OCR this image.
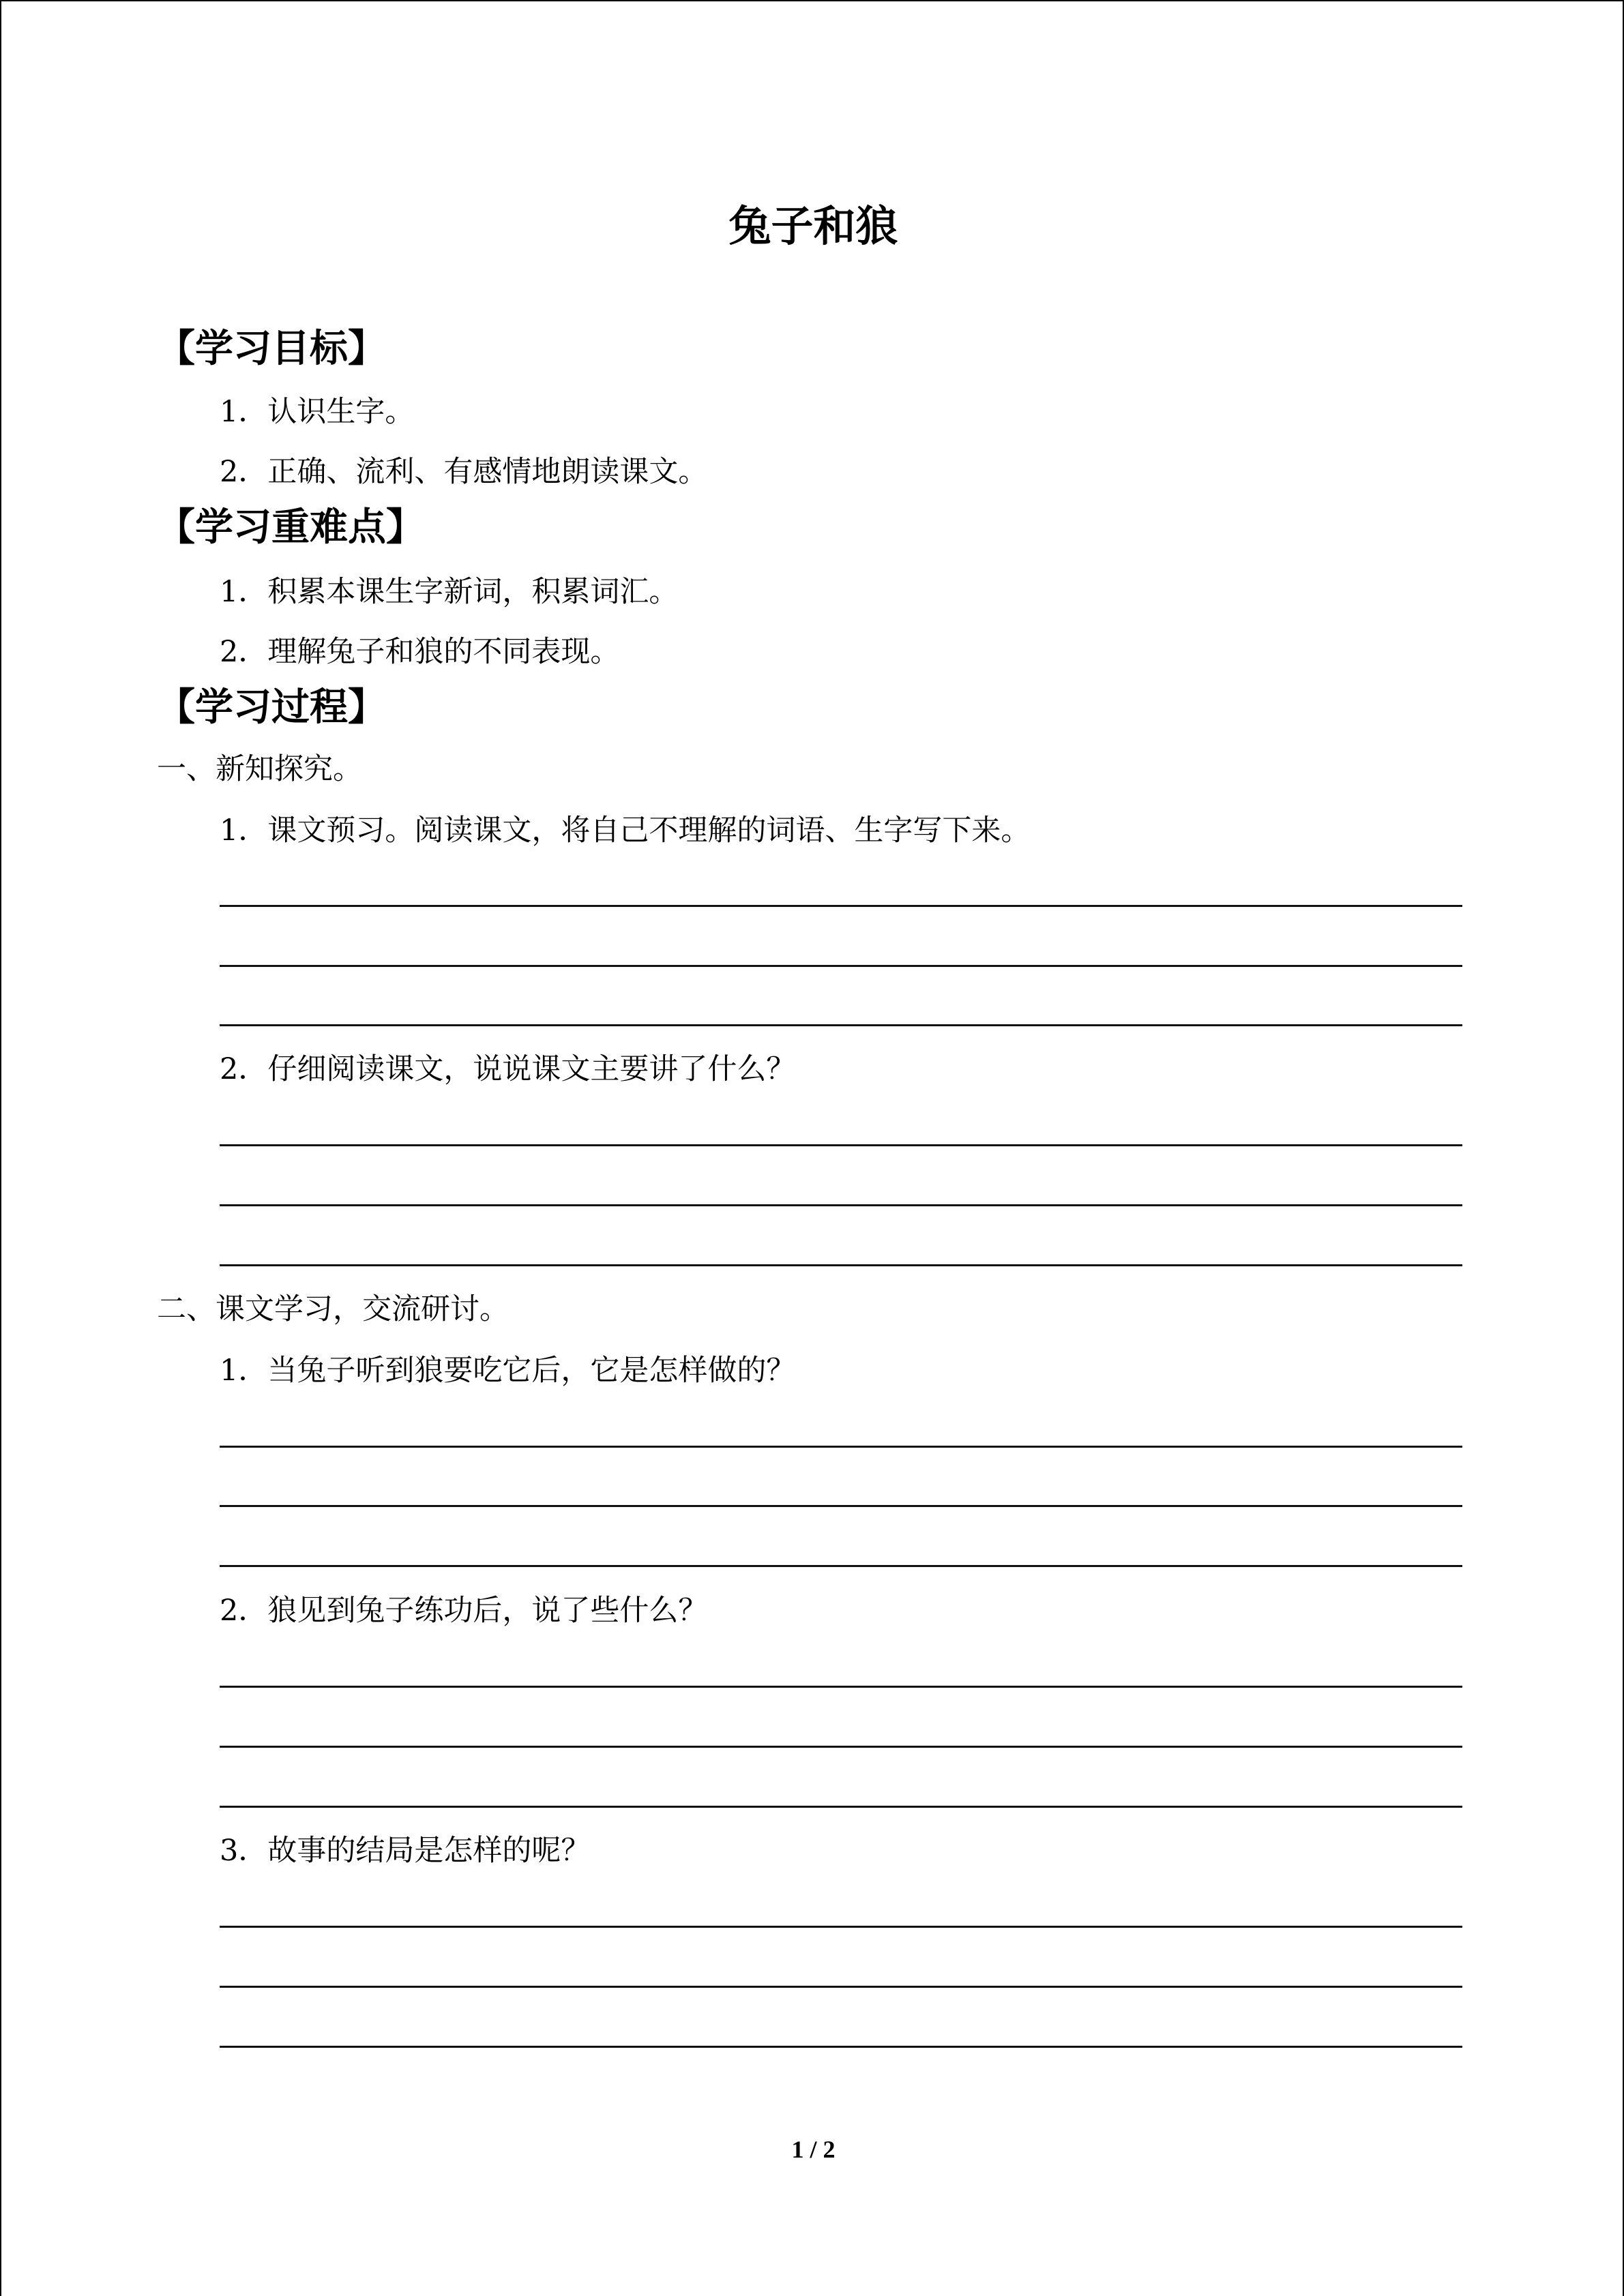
兔子和狼
【学习目标】
1．认识生字。
2．正确、流利、有感情地朗读课文。
【学习重难点】
1．积累本课生字新词，积累词汇。
2．理解兔子和狼的不同表现。
【学习过程】
一、新知探究。
1．课文预习。阅读课文，将自己不理解的词语、生字写下来。
2．仔细阅读课文，说说课文主要讲了什么？
二、课文学习，交流研讨。
1．当兔子听到狼要吃它后，它是怎样做的？
2．狼见到兔子练功后，说了些什么？
3．故事的结局是怎样的呢？
1 / 2
